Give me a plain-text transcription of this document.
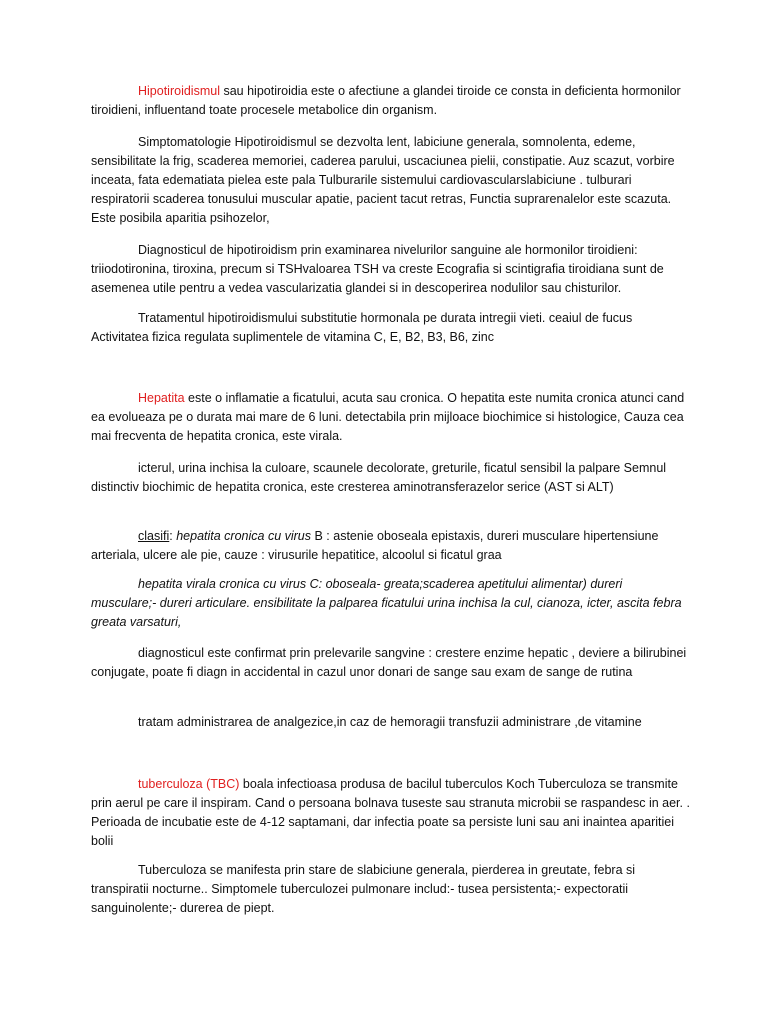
Hipotiroidismul sau hipotiroidia este o afectiune a glandei tiroide ce consta in deficienta hormonilor tiroidieni, influentand toate procesele metabolice din organism.

Simptomatologie Hipotiroidismul se dezvolta lent, labiciune generala, somnolenta, edeme, sensibilitate la frig, scaderea memoriei, caderea parului, uscaciunea pielii, constipatie. Auz scazut, vorbire inceata, fata edematiata pielea este pala Tulburarile sistemului cardiovascularslabiciune . tulburari respiratorii scaderea tonusului muscular apatie, pacient tacut retras, Functia suprarenalelor este scazuta. Este posibila aparitia psihozelor,

Diagnosticul de hipotiroidism prin examinarea nivelurilor sanguine ale hormonilor tiroidieni: triiodotironina, tiroxina, precum si TSHvaloarea TSH va creste Ecografia si scintigrafia tiroidiana sunt de asemenea utile pentru a vedea vascularizatia glandei si in descoperirea nodulilor sau chisturilor.

Tratamentul hipotiroidismului substitutie hormonala pe durata intregii vieti. ceaiul de fucus Activitatea fizica regulata suplimentele de vitamina C, E, B2, B3, B6, zinc

Hepatita este o inflamatie a ficatului, acuta sau cronica. O hepatita este numita cronica atunci cand ea evolueaza pe o durata mai mare de 6 luni. detectabila prin mijloace biochimice si histologice, Cauza cea mai frecventa de hepatita cronica, este virala.

icterul, urina inchisa la culoare, scaunele decolorate, greturile, ficatul sensibil la palpare Semnul distinctiv biochimic de hepatita cronica, este cresterea aminotransferazelor serice (AST si ALT)

clasifi: hepatita cronica cu virus B : astenie oboseala epistaxis, dureri musculare hipertensiune arteriala, ulcere ale pie, cauze : virusurile hepatitice, alcoolul si ficatul graa

hepatita virala cronica cu virus C: oboseala- greata;scaderea apetitului alimentar) dureri musculare;- dureri articulare. ensibilitate la palparea ficatului urina inchisa la cul, cianoza, icter, ascita febra greata varsaturi,

diagnosticul este confirmat prin prelevarile sangvine : crestere enzime hepatic , deviere a bilirubinei conjugate, poate fi diagn in accidental in cazul unor donari de sange sau exam de sange de rutina

tratam administrarea de analgezice,in caz de hemoragii transfuzii administrare ,de vitamine

tuberculoza (TBC) boala infectioasa produsa de bacilul tuberculos Koch Tuberculoza se transmite prin aerul pe care il inspiram. Cand o persoana bolnava tuseste sau stranuta microbii se raspandesc in aer. . Perioada de incubatie este de 4-12 saptamani, dar infectia poate sa persiste luni sau ani inaintea aparitiei bolii

Tuberculoza se manifesta prin stare de slabiciune generala, pierderea in greutate, febra si transpiratii nocturne.. Simptomele tuberculozei pulmonare includ:- tusea persistenta;- expectoratii sanguinolente;- durerea de piept.
